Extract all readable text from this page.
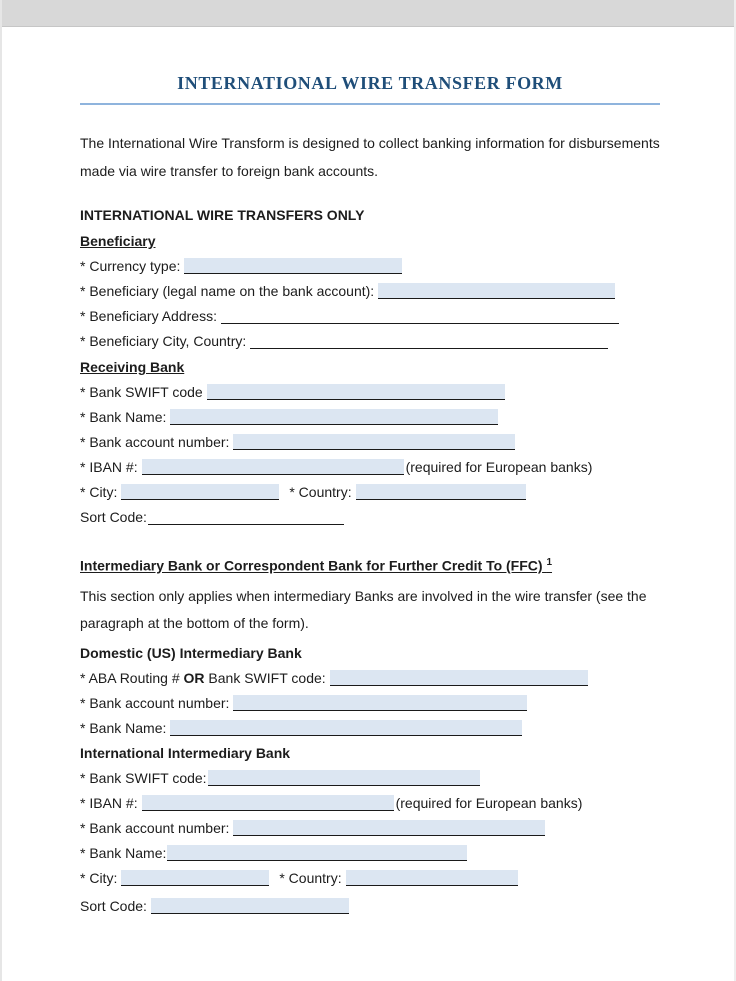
INTERNATIONAL WIRE TRANSFER FORM
The International Wire Transform is designed to collect banking information for disbursements made via wire transfer to foreign bank accounts.
INTERNATIONAL WIRE TRANSFERS ONLY
Beneficiary
* Currency type:
* Beneficiary (legal name on the bank account):
* Beneficiary Address:
* Beneficiary City, Country:
Receiving Bank
* Bank SWIFT code
* Bank Name:
* Bank account number:
* IBAN #:	(required for European banks)
* City:	* Country:
Sort Code:
Intermediary Bank or Correspondent Bank for Further Credit To (FFC) $^1$
This section only applies when intermediary Banks are involved in the wire transfer (see the paragraph at the bottom of the form).
Domestic (US) Intermediary Bank
* ABA Routing # OR Bank SWIFT code:
* Bank account number:
* Bank Name:
International Intermediary Bank
* Bank SWIFT code:
* IBAN #:	(required for European banks)
* Bank account number:
* Bank Name:
* City:	* Country:
Sort Code:
